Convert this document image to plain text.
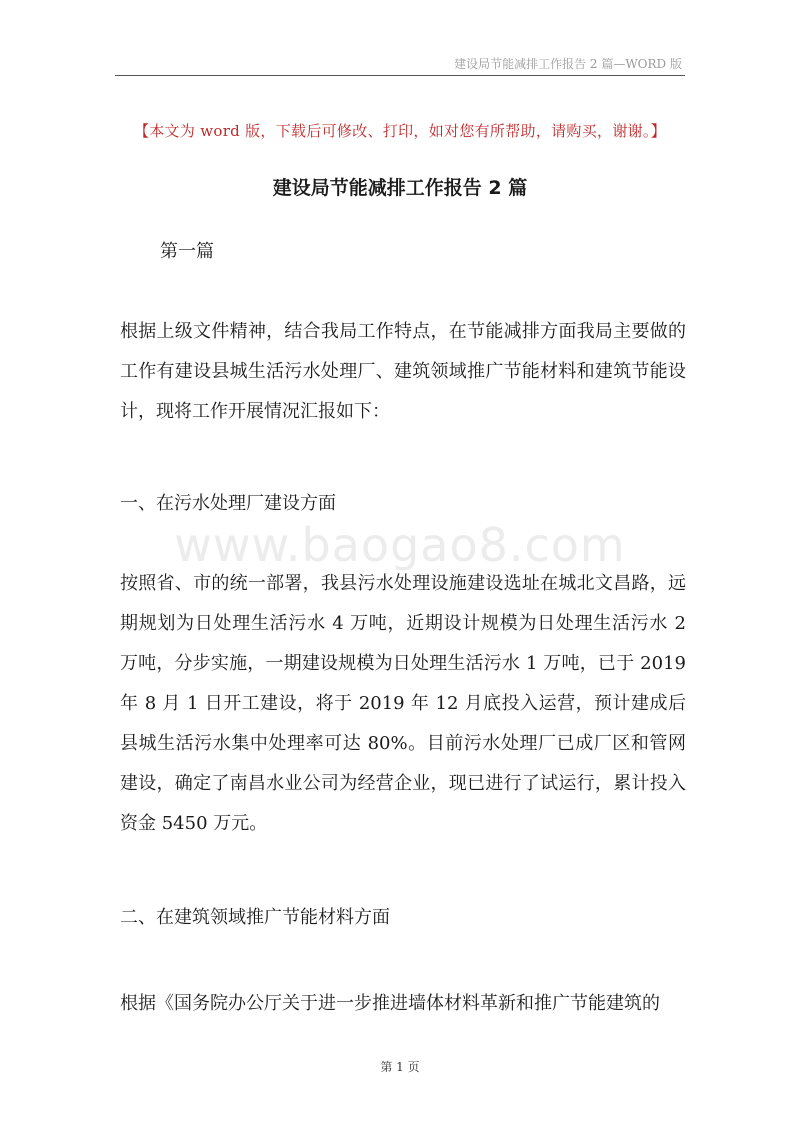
建设局节能减排工作报告 2 篇—WORD 版
【本文为 word 版，下载后可修改、打印，如对您有所帮助，请购买，谢谢。】
建设局节能减排工作报告 2 篇
第一篇
根据上级文件精神，结合我局工作特点，在节能减排方面我局主要做的工作有建设县城生活污水处理厂、建筑领域推广节能材料和建筑节能设计，现将工作开展情况汇报如下：
一、在污水处理厂建设方面
www.baogao8.com
按照省、市的统一部署，我县污水处理设施建设选址在城北文昌路，远期规划为日处理生活污水 4 万吨，近期设计规模为日处理生活污水 2 万吨，分步实施，一期建设规模为日处理生活污水 1 万吨，已于 2019 年 8 月 1 日开工建设，将于 2019 年 12 月底投入运营，预计建成后县城生活污水集中处理率可达 80%。目前污水处理厂已成厂区和管网建设，确定了南昌水业公司为经营企业，现已进行了试运行，累计投入资金 5450 万元。
二、在建筑领域推广节能材料方面
根据《国务院办公厅关于进一步推进墙体材料革新和推广节能建筑的
第 1 页
